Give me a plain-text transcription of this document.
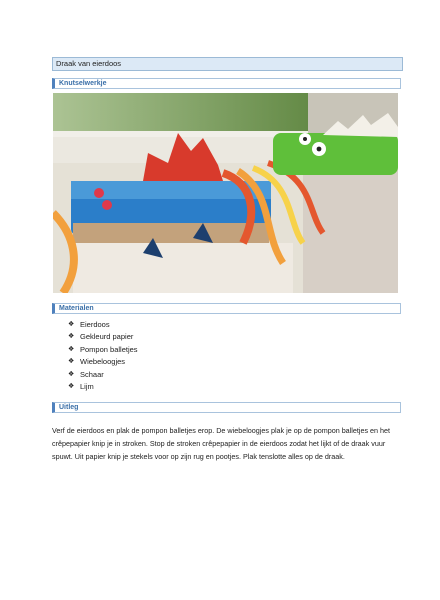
Draak van eierdoos
Knutselwerkje
Materialen
❖ Eierdoos
❖ Gekleurd papier
❖ Pompon balletjes
❖ Wiebeloogjes
❖ Schaar
❖ Lijm
Uitleg

Verf de eierdoos en plak de pompon balletjes erop. De wiebeloogjes plak je op de pompon balletjes en het crêpepapier knip je in stroken. Stop de stroken crêpepapier in de eierdoos zodat het lijkt of de draak vuur spuwt. Uit papier knip je stekels voor op zijn rug en pootjes. Plak tenslotte alles op de draak.
